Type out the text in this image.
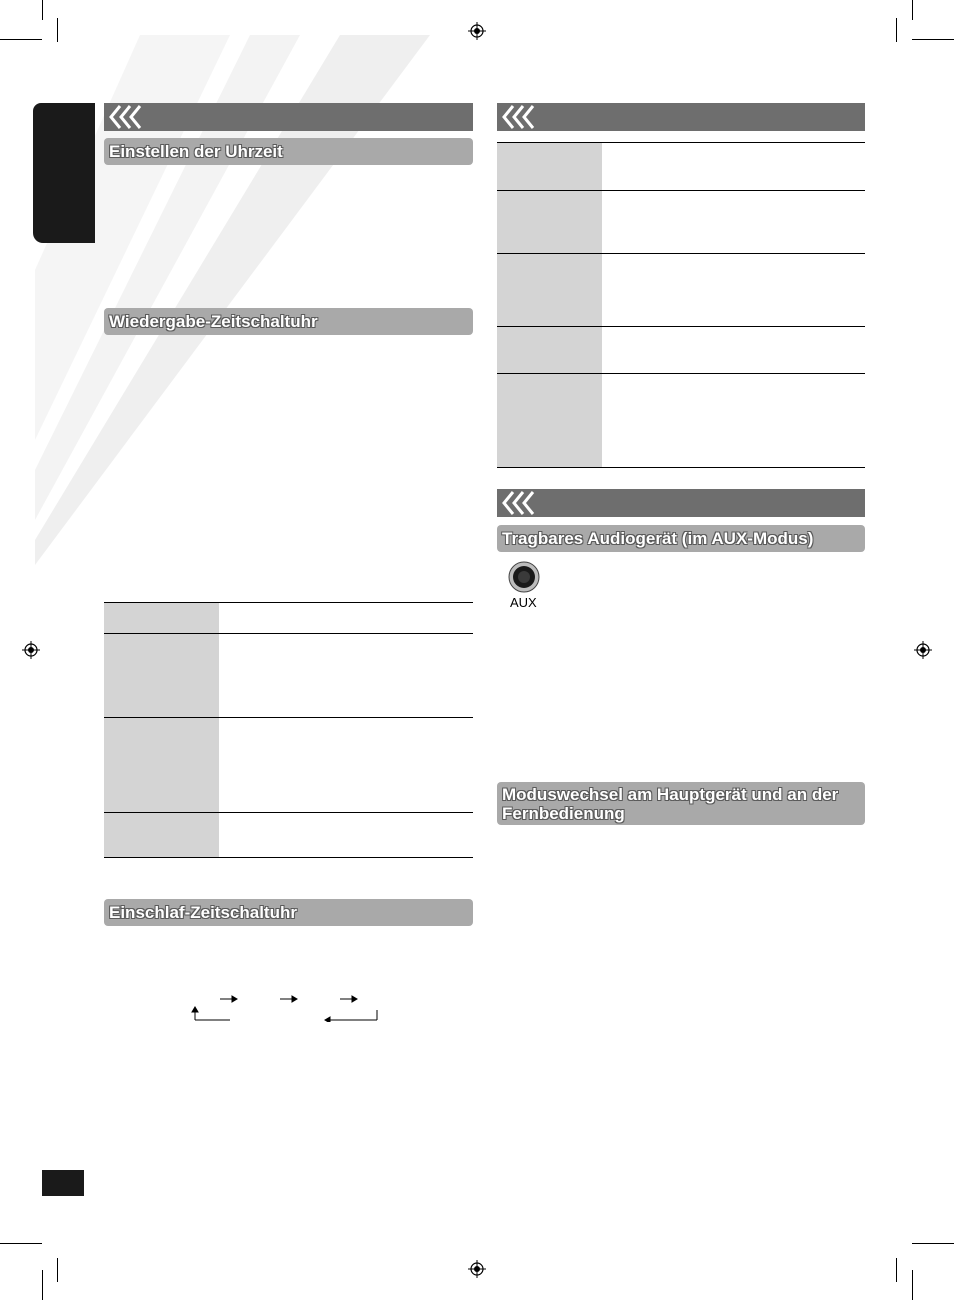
Einstellen der Uhrzeit
Wiedergabe-Zeitschaltuhr
Einschlaf-Zeitschaltuhr
Tragbares Audiogerät (im AUX-Modus)
AUX
Moduswechsel am Hauptgerät und an der Fernbedienung
